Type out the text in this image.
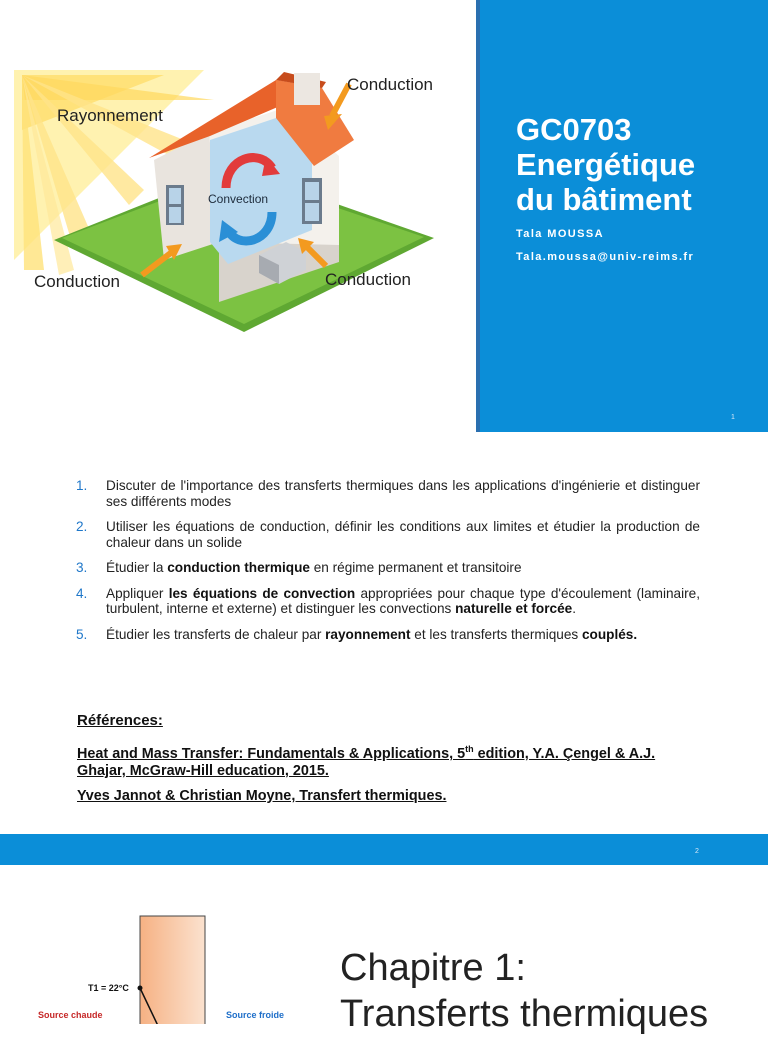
Rayonnement
Conduction
Conduction	Conduction
Convection
GC0703
Energétique
du bâtiment
Tala MOUSSA
Tala.moussa@univ-reims.fr
1
1. Discuter de l'importance des transferts thermiques dans les applications d'ingénierie et distinguer ses différents modes
2. Utiliser les équations de conduction, définir les conditions aux limites et étudier la production de chaleur dans un solide
3. Étudier la conduction thermique en régime permanent et transitoire
4. Appliquer les équations de convection appropriées pour chaque type d'écoulement (laminaire, turbulent, interne et externe) et distinguer les convections naturelle et forcée.
5. Étudier les transferts de chaleur par rayonnement et les transferts thermiques couplés.
Références:
Heat and Mass Transfer: Fundamentals & Applications, 5th edition, Y.A. Çengel & A.J. Ghajar, McGraw-Hill education, 2015.
Yves Jannot & Christian Moyne, Transfert thermiques.
2
T1 = 22°C
Source chaude	Source froide
Chapitre 1:
Transferts thermiques
